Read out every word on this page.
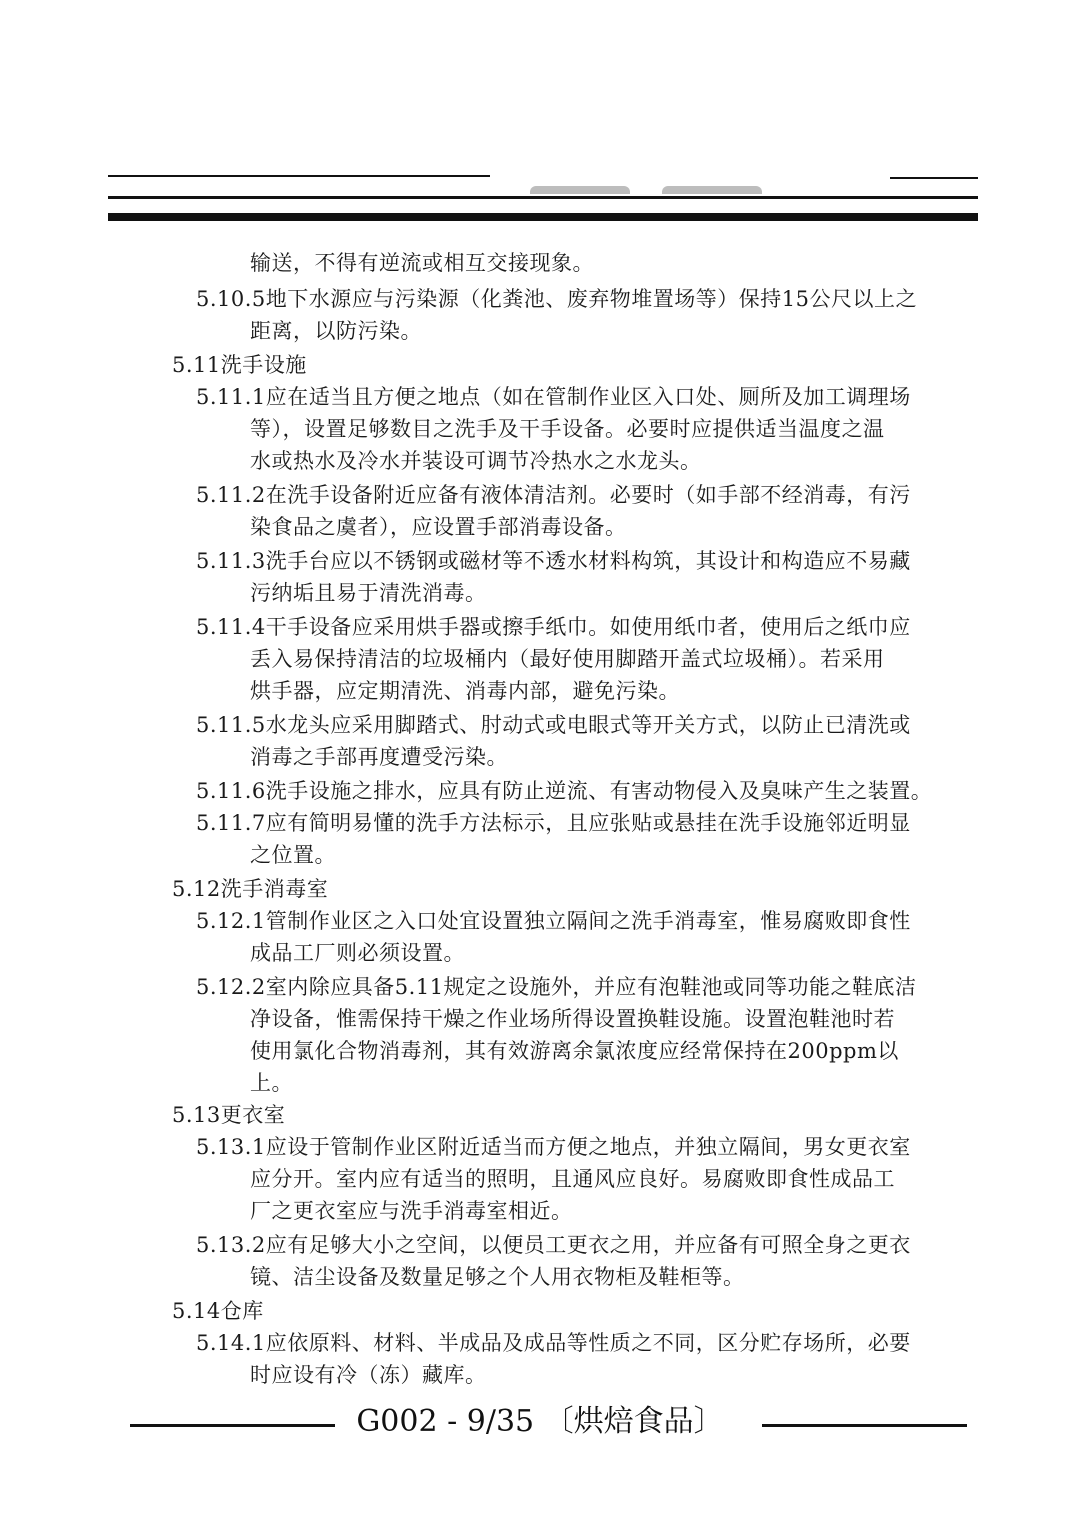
输送，不得有逆流或相互交接现象。
5.10.5地下水源应与污染源（化粪池、废弃物堆置场等）保持15公尺以上之
距离，以防污染。
5.11洗手设施
5.11.1应在适当且方便之地点（如在管制作业区入口处、厕所及加工调理场
等），设置足够数目之洗手及干手设备。必要时应提供适当温度之温
水或热水及冷水并装设可调节冷热水之水龙头。
5.11.2在洗手设备附近应备有液体清洁剂。必要时（如手部不经消毒，有污
染食品之虞者），应设置手部消毒设备。
5.11.3洗手台应以不锈钢或磁材等不透水材料构筑，其设计和构造应不易藏
污纳垢且易于清洗消毒。
5.11.4干手设备应采用烘手器或擦手纸巾。如使用纸巾者，使用后之纸巾应
丢入易保持清洁的垃圾桶内（最好使用脚踏开盖式垃圾桶）。若采用
烘手器，应定期清洗、消毒内部，避免污染。
5.11.5水龙头应采用脚踏式、肘动式或电眼式等开关方式，以防止已清洗或
消毒之手部再度遭受污染。
5.11.6洗手设施之排水，应具有防止逆流、有害动物侵入及臭味产生之装置。
5.11.7应有简明易懂的洗手方法标示，且应张贴或悬挂在洗手设施邻近明显
之位置。
5.12洗手消毒室
5.12.1管制作业区之入口处宜设置独立隔间之洗手消毒室，惟易腐败即食性
成品工厂则必须设置。
5.12.2室内除应具备5.11规定之设施外，并应有泡鞋池或同等功能之鞋底洁
净设备，惟需保持干燥之作业场所得设置换鞋设施。设置泡鞋池时若
使用氯化合物消毒剂，其有效游离余氯浓度应经常保持在200ppm以
上。
5.13更衣室
5.13.1应设于管制作业区附近适当而方便之地点，并独立隔间，男女更衣室
应分开。室内应有适当的照明，且通风应良好。易腐败即食性成品工
厂之更衣室应与洗手消毒室相近。
5.13.2应有足够大小之空间，以便员工更衣之用，并应备有可照全身之更衣
镜、洁尘设备及数量足够之个人用衣物柜及鞋柜等。
5.14仓库
5.14.1应依原料、材料、半成品及成品等性质之不同，区分贮存场所，必要
时应设有冷（冻）藏库。
G002 - 9/35 〔烘焙食品〕
